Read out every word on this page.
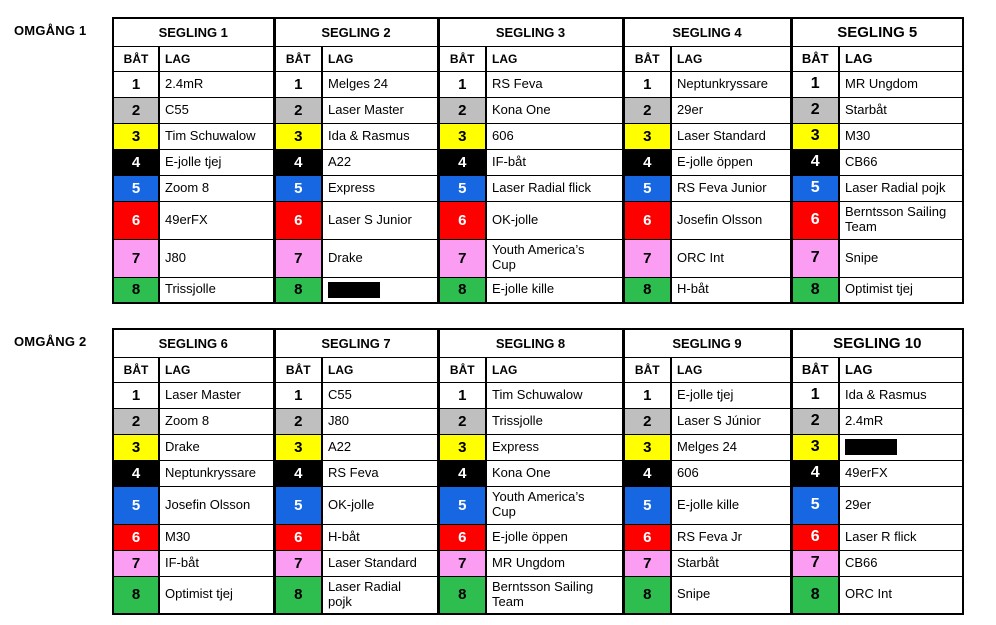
OMGÅNG 1	SEGLING 1		SEGLING 2		SEGLING 3		SEGLING 4		SEGLING 5	
BÅT	LAG	BÅT	LAG	BÅT	LAG	BÅT	LAG	BÅT	LAG
1	2.4mR	1	Melges 24	1	RS Feva	1	Neptunkryssare	1	MR Ungdom
2	C55	2	Laser Master	2	Kona One	2	29er	2	Starbåt
3	Tim Schuwalow	3	Ida & Rasmus	3	606	3	Laser Standard	3	M30
4	E-jolle tjej	4	A22	4	IF-båt	4	E-jolle öppen	4	CB66
5	Zoom 8	5	Express	5	Laser Radial flick	5	RS Feva Junior	5	Laser Radial pojk
6	49erFX	6	Laser S Junior	6	OK-jolle	6	Josefin Olsson	6	Berntsson Sailing Team
7	J80	7	Drake	7	Youth America’s Cup	7	ORC Int	7	Snipe
8	Trissjolle	8		8	E-jolle kille	8	H-båt	8	Optimist tjej
OMGÅNG 2	SEGLING 6		SEGLING 7		SEGLING 8		SEGLING 9		SEGLING 10	
BÅT	LAG	BÅT	LAG	BÅT	LAG	BÅT	LAG	BÅT	LAG
1	Laser Master	1	C55	1	Tim Schuwalow	1	E-jolle tjej	1	Ida & Rasmus
2	Zoom 8	2	J80	2	Trissjolle	2	Laser S Júnior	2	2.4mR
3	Drake	3	A22	3	Express	3	Melges 24	3	
4	Neptunkryssare	4	RS Feva	4	Kona One	4	606	4	49erFX
5	Josefin Olsson	5	OK-jolle	5	Youth America’s Cup	5	E-jolle kille	5	29er
6	M30	6	H-båt	6	E-jolle öppen	6	RS Feva Jr	6	Laser R flick
7	IF-båt	7	Laser Standard	7	MR Ungdom	7	Starbåt	7	CB66
8	Optimist tjej	8	Laser Radial pojk	8	Berntsson Sailing Team	8	Snipe	8	ORC Int
